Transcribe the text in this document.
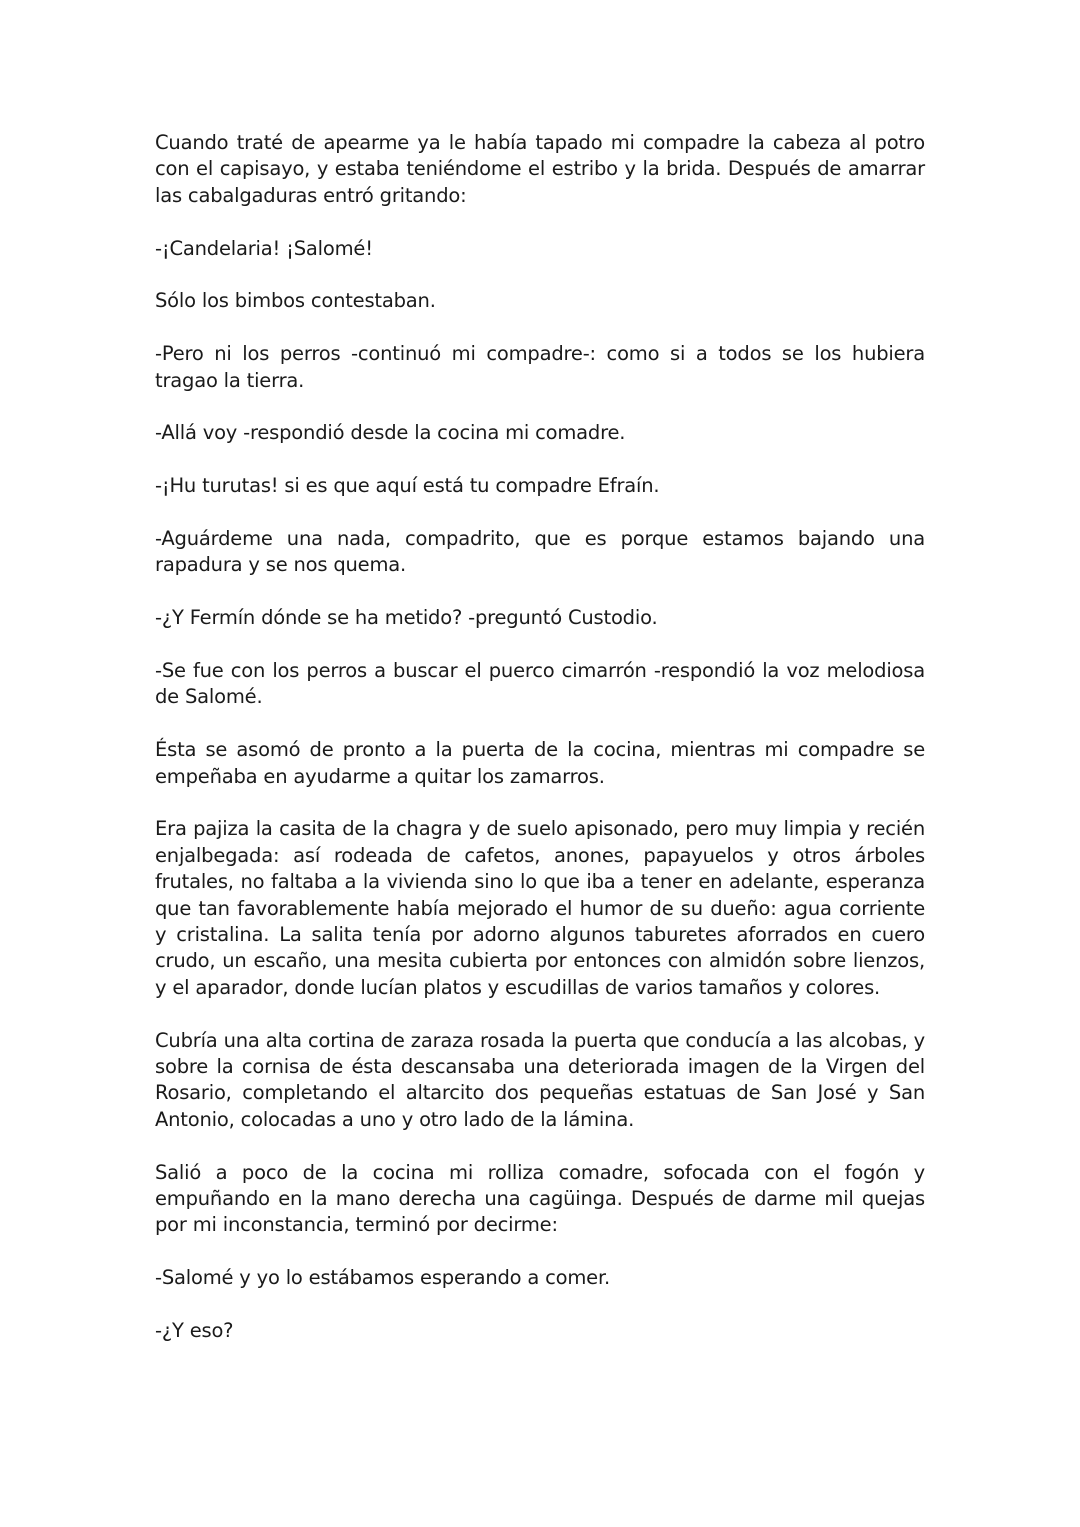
Cuando traté de apearme ya le había tapado mi compadre la cabeza al potro con el capisayo, y estaba teniéndome el estribo y la brida. Después de amarrar las cabalgaduras entró gritando:

-¡Candelaria! ¡Salomé!

Sólo los bimbos contestaban.

-Pero ni los perros -continuó mi compadre-: como si a todos se los hubiera tragao la tierra.

-Allá voy -respondió desde la cocina mi comadre.

-¡Hu turutas! si es que aquí está tu compadre Efraín.

-Aguárdeme una nada, compadrito, que es porque estamos bajando una rapadura y se nos quema.

-¿Y Fermín dónde se ha metido? -preguntó Custodio.

-Se fue con los perros a buscar el puerco cimarrón -respondió la voz melodiosa de Salomé.

Ésta se asomó de pronto a la puerta de la cocina, mientras mi compadre se empeñaba en ayudarme a quitar los zamarros.

Era pajiza la casita de la chagra y de suelo apisonado, pero muy limpia y recién enjalbegada: así rodeada de cafetos, anones, papayuelos y otros árboles frutales, no faltaba a la vivienda sino lo que iba a tener en adelante, esperanza que tan favorablemente había mejorado el humor de su dueño: agua corriente y cristalina. La salita tenía por adorno algunos taburetes aforrados en cuero crudo, un escaño, una mesita cubierta por entonces con almidón sobre lienzos, y el aparador, donde lucían platos y escudillas de varios tamaños y colores.

Cubría una alta cortina de zaraza rosada la puerta que conducía a las alcobas, y sobre la cornisa de ésta descansaba una deteriorada imagen de la Virgen del Rosario, completando el altarcito dos pequeñas estatuas de San José y San Antonio, colocadas a uno y otro lado de la lámina.

Salió a poco de la cocina mi rolliza comadre, sofocada con el fogón y empuñando en la mano derecha una cagüinga. Después de darme mil quejas por mi inconstancia, terminó por decirme:

-Salomé y yo lo estábamos esperando a comer.

-¿Y eso?
